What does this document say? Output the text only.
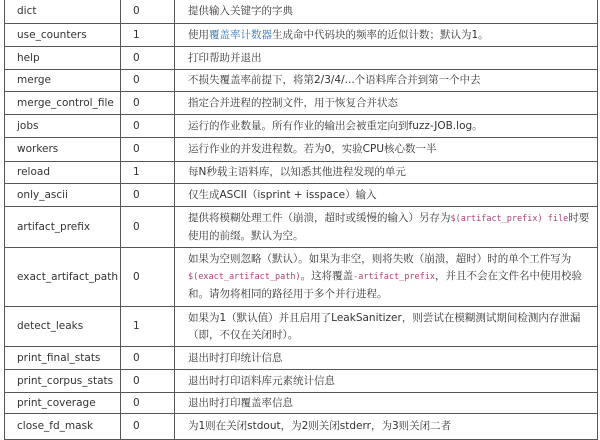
dict	0	提供输入关键字的字典
use_counters	1	使用覆盖率计数器生成命中代码块的频率的近似计数；默认为1。
help	0	打印帮助并退出
merge	0	不损失覆盖率前提下，将第2/3/4/...个语料库合并到第一个中去
merge_control_file	0	指定合并进程的控制文件，用于恢复合并状态
jobs	0	运行的作业数量。所有作业的输出会被重定向到fuzz-JOB.log。
workers	0	运行作业的并发进程数。若为0，实验CPU核心数一半
reload	1	每N秒载主语料库，以知悉其他进程发现的单元
only_ascii	0	仅生成ASCII（isprint + isspace）输入
artifact_prefix	0	提供将模糊处理工件（崩溃，超时或缓慢的输入）另存为$(artifact_prefix) file时要使用的前缀。默认为空。
exact_artifact_path	0	如果为空则忽略（默认）。如果为非空，则将失败（崩溃，超时）时的单个工件写为$(exact_artifact_path)。这将覆盖-artifact_prefix，并且不会在文件名中使用校验和。请勿将相同的路径用于多个并行进程。
detect_leaks	1	如果为1（默认值）并且启用了LeakSanitizer，则尝试在模糊测试期间检测内存泄漏（即，不仅在关闭时）。
print_final_stats	0	退出时打印统计信息
print_corpus_stats	0	退出时打印语料库元素统计信息
print_coverage	0	退出时打印覆盖率信息
close_fd_mask	0	为1则在关闭stdout，为2则关闭stderr，为3则关闭二者
